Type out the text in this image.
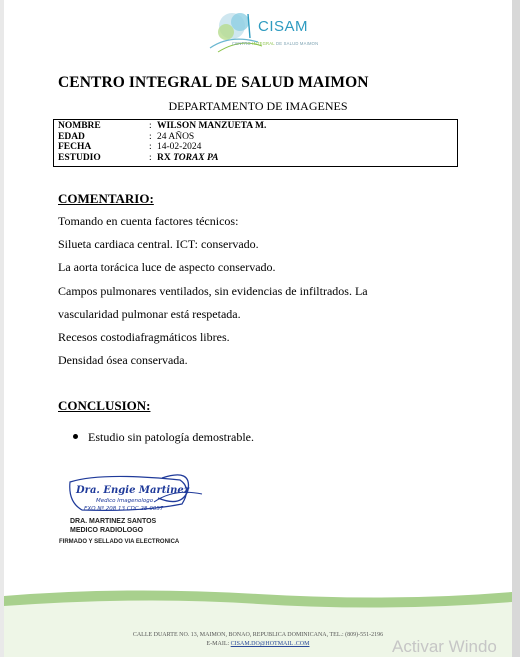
CISAM
CENTRO INTEGRAL DE SALUD MAIMON
CENTRO INTEGRAL DE SALUD MAIMON
DEPARTAMENTO DE IMAGENES
NOMBRE	: WILSON MANZUETA M.
EDAD	: 24 AÑOS
FECHA	: 14-02-2024
ESTUDIO	: RX TORAX PA
COMENTARIO:
Tomando en cuenta factores técnicos:
Silueta cardiaca central. ICT: conservado.
La aorta torácica luce de aspecto conservado.
Campos pulmonares ventilados, sin evidencias de infiltrados. La
vascularidad pulmonar está respetada.
Recesos costodiafragmáticos libres.
Densidad ósea conservada.
CONCLUSION:
Estudio sin patología demostrable.
Dra. Engie Martinez
Medico Imagenologo
EXQ Nº 208 13 CDC 28-0057
DRA. MARTINEZ SANTOS
MEDICO RADIOLOGO
FIRMADO Y SELLADO VIA ELECTRONICA
CALLE DUARTE NO. 13, MAIMON, BONAO, REPUBLICA DOMINICANA, TEL.: (809)-551-2196
E-MAIL: CISAM.DO@HOTMAIL .COM	Activar Windo
